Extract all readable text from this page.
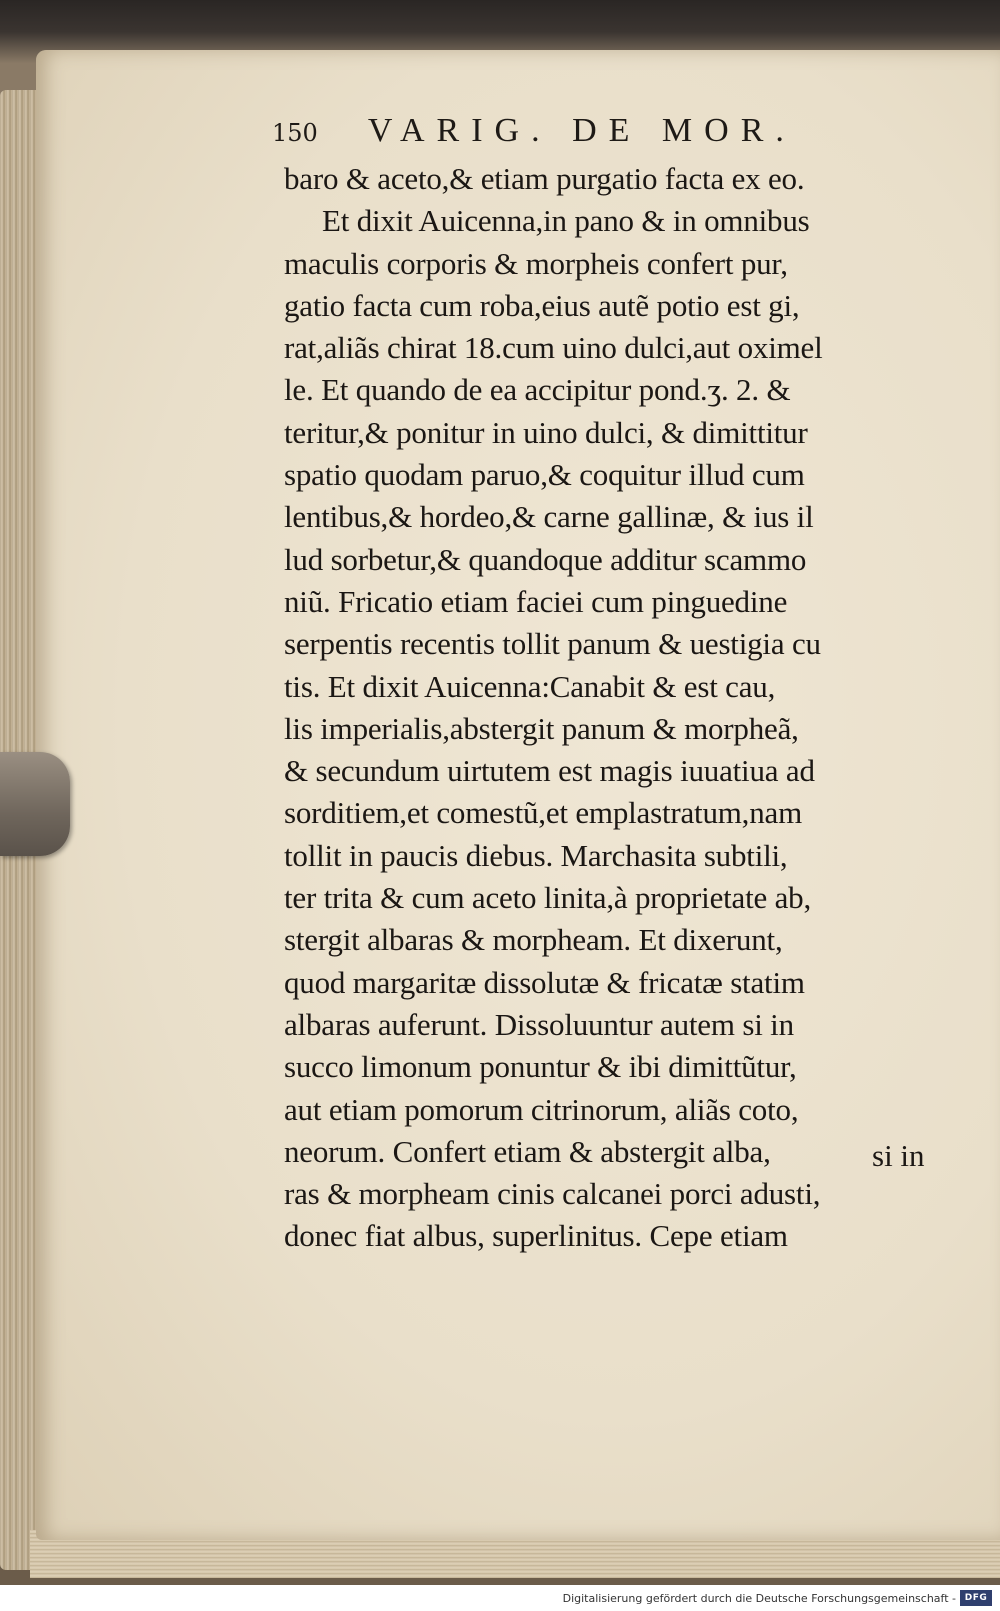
150 VARIG. DE MOR.
baro & aceto,& etiam purgatio facta ex eo.
Et dixit Auicenna,in pano & in omnibus
maculis corporis & morpheis confert pur,
gatio facta cum roba,eius autẽ potio est gi,
rat,aliãs chirat 18.cum uino dulci,aut oximel
le. Et quando de ea accipitur pond.ʒ. 2. &
teritur,& ponitur in uino dulci, & dimittitur
spatio quodam paruo,& coquitur illud cum
lentibus,& hordeo,& carne gallinæ, & ius il
lud sorbetur,& quandoque additur scammo
niũ. Fricatio etiam faciei cum pinguedine
serpentis recentis tollit panum & uestigia cu
tis. Et dixit Auicenna:Canabit & est cau,
lis imperialis,abstergit panum & morpheã,
& secundum uirtutem est magis iuuatiua ad
sorditiem,et comestũ,et emplastratum,nam
tollit in paucis diebus. Marchasita subtili,
ter trita & cum aceto linita,à proprietate ab,
stergit albaras & morpheam. Et dixerunt,
quod margaritæ dissolutæ & fricatæ statim
albaras auferunt. Dissoluuntur autem si in
succo limonum ponuntur & ibi dimittũtur,
aut etiam pomorum citrinorum, aliãs coto,
neorum. Confert etiam & abstergit alba,
ras & morpheam cinis calcanei porci adusti,
donec fiat albus, superlinitus. Cepe etiam
si in
Digitalisierung gefördert durch die Deutsche Forschungsgemeinschaft - DFG
